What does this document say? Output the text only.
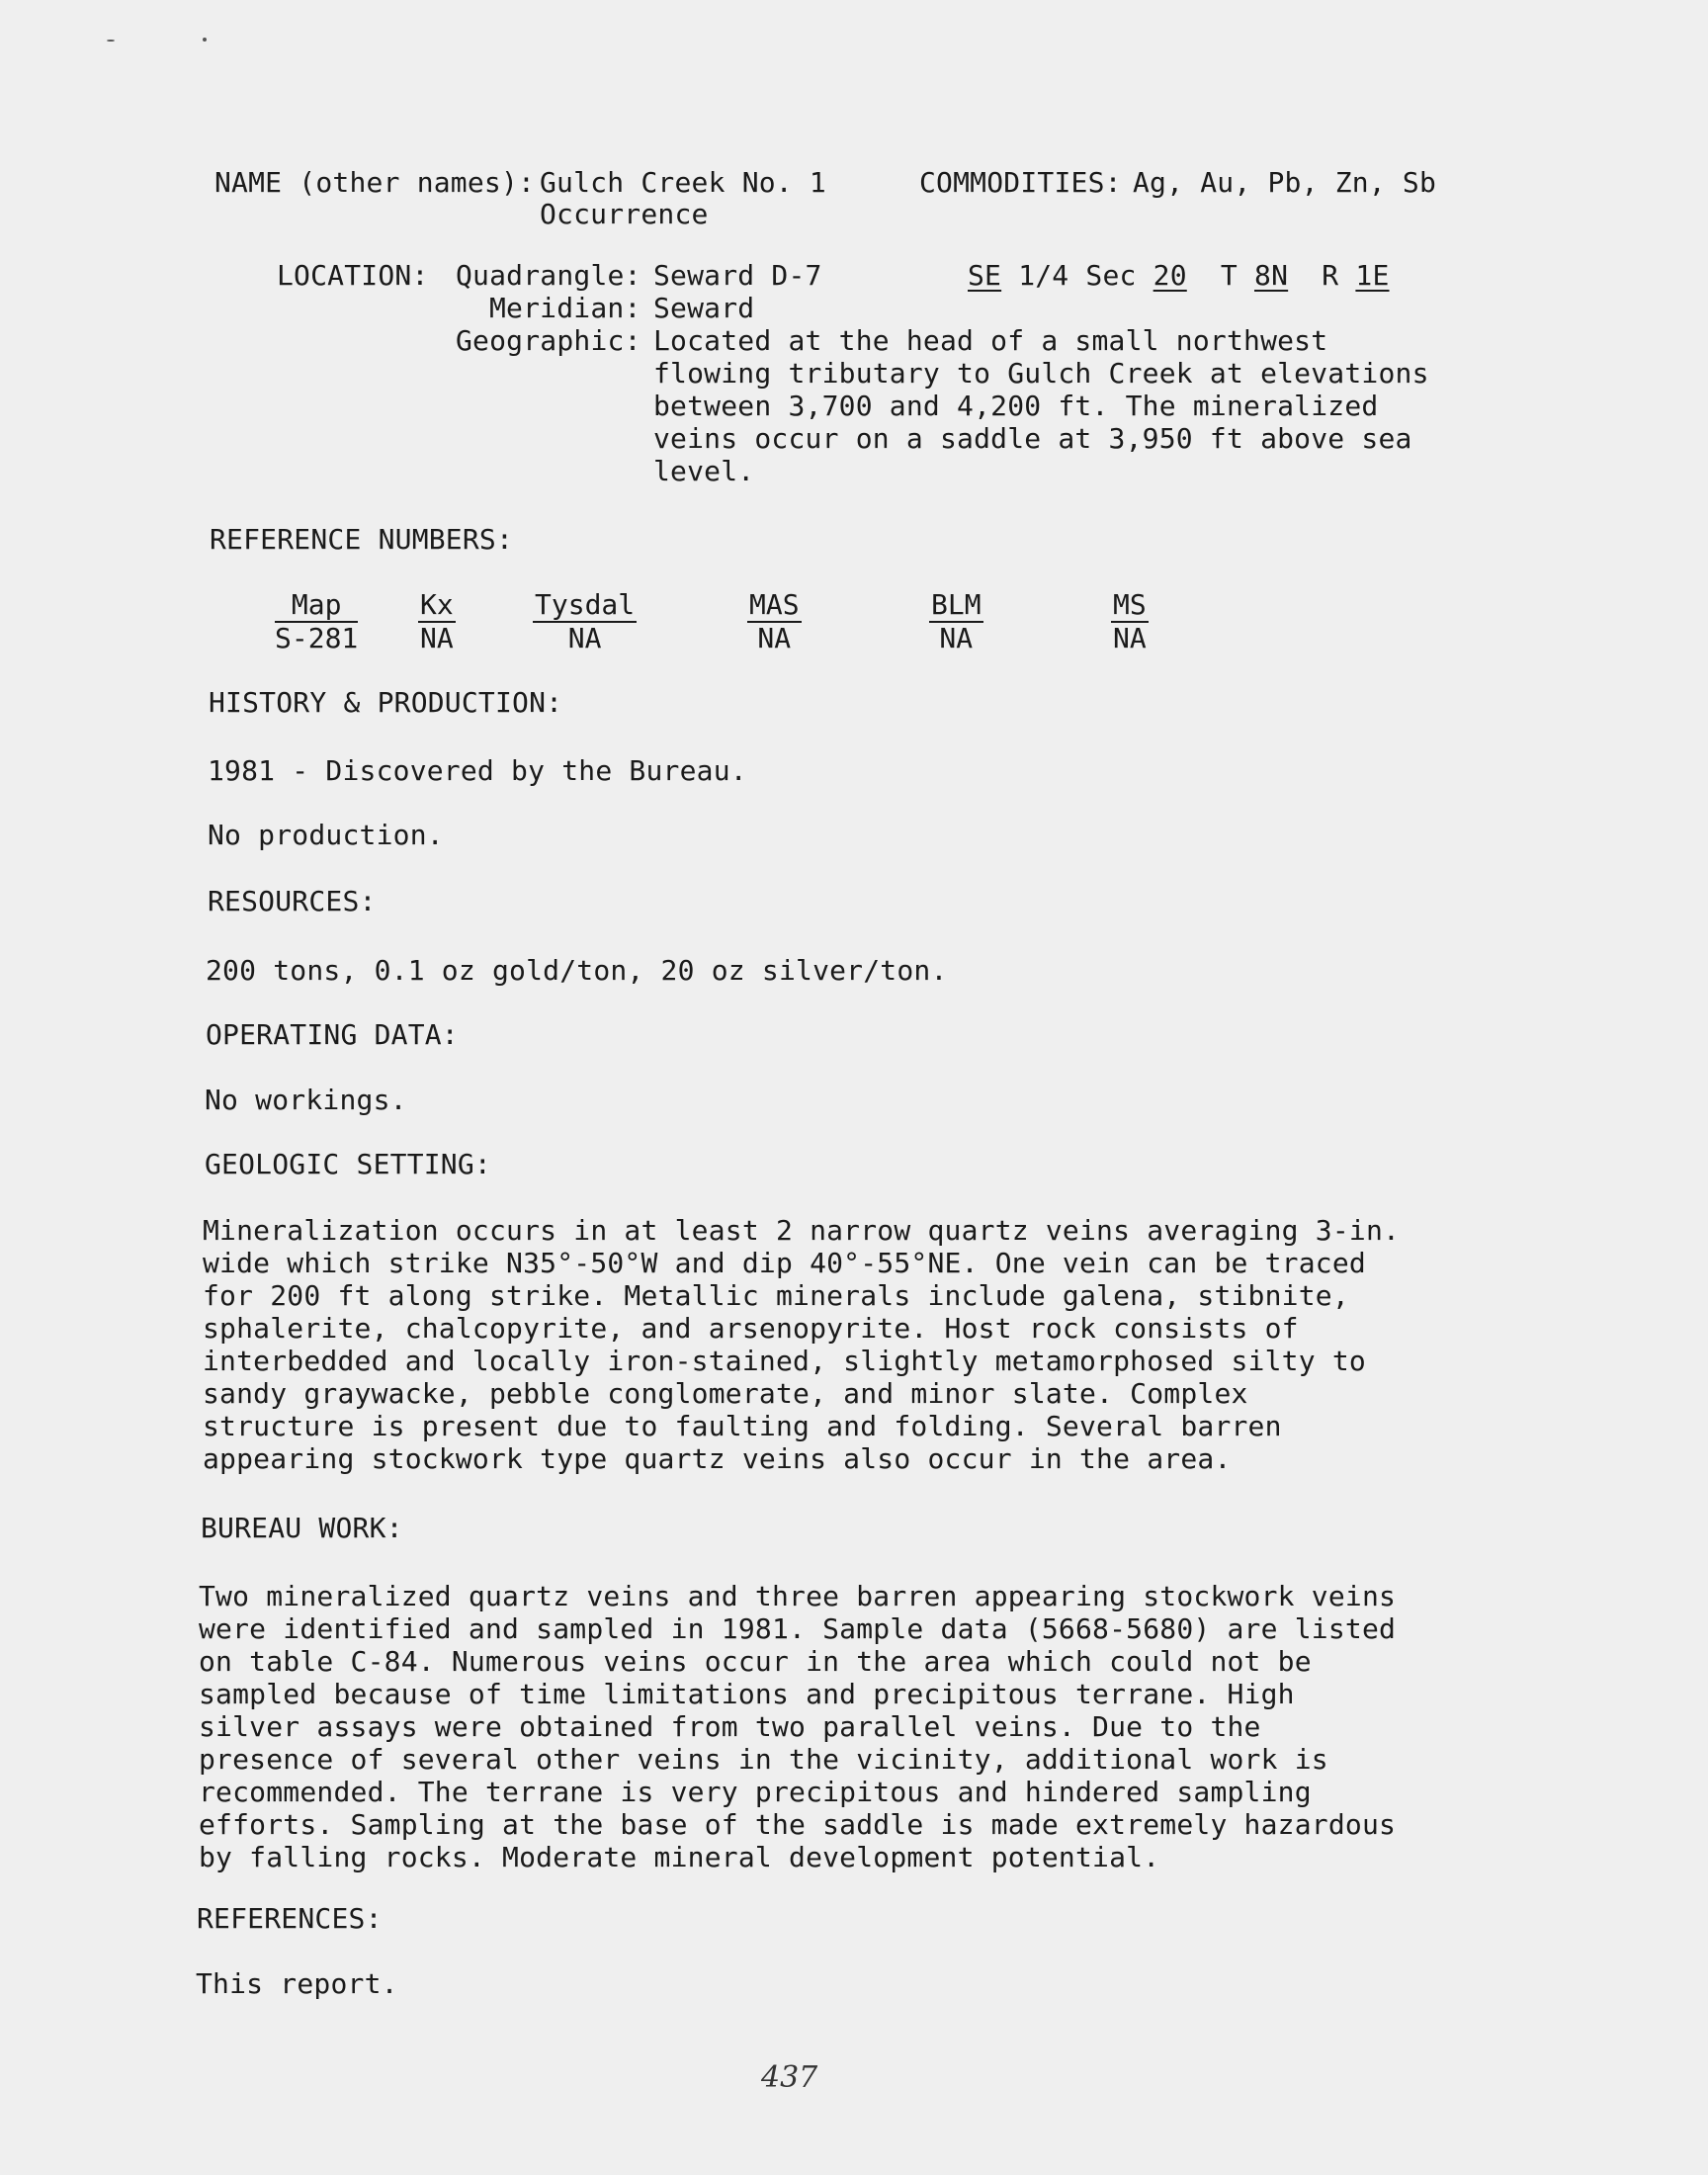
NAME (other names): Gulch Creek No. 1
Occurrence
COMMODITIES: Ag, Au, Pb, Zn, Sb
LOCATION: Quadrangle: Seward D-7
Meridian: Seward
Geographic: Located at the head of a small northwest
flowing tributary to Gulch Creek at elevations
between 3,700 and 4,200 ft. The mineralized
veins occur on a saddle at 3,950 ft above sea
level.
SE 1/4 Sec 20 T 8N R 1E
REFERENCE NUMBERS:
Map
S-281
Kx
NA
Tysdal
NA
MAS
NA
BLM
NA
MS
NA
HISTORY & PRODUCTION:
1981 - Discovered by the Bureau.
No production.
RESOURCES:
200 tons, 0.1 oz gold/ton, 20 oz silver/ton.
OPERATING DATA:
No workings.
GEOLOGIC SETTING:
Mineralization occurs in at least 2 narrow quartz veins averaging 3-in.
wide which strike N35°-50°W and dip 40°-55°NE. One vein can be traced
for 200 ft along strike. Metallic minerals include galena, stibnite,
sphalerite, chalcopyrite, and arsenopyrite. Host rock consists of
interbedded and locally iron-stained, slightly metamorphosed silty to
sandy graywacke, pebble conglomerate, and minor slate. Complex
structure is present due to faulting and folding. Several barren
appearing stockwork type quartz veins also occur in the area.
BUREAU WORK:
Two mineralized quartz veins and three barren appearing stockwork veins
were identified and sampled in 1981. Sample data (5668-5680) are listed
on table C-84. Numerous veins occur in the area which could not be
sampled because of time limitations and precipitous terrane. High
silver assays were obtained from two parallel veins. Due to the
presence of several other veins in the vicinity, additional work is
recommended. The terrane is very precipitous and hindered sampling
efforts. Sampling at the base of the saddle is made extremely hazardous
by falling rocks. Moderate mineral development potential.
REFERENCES:
This report.
437
